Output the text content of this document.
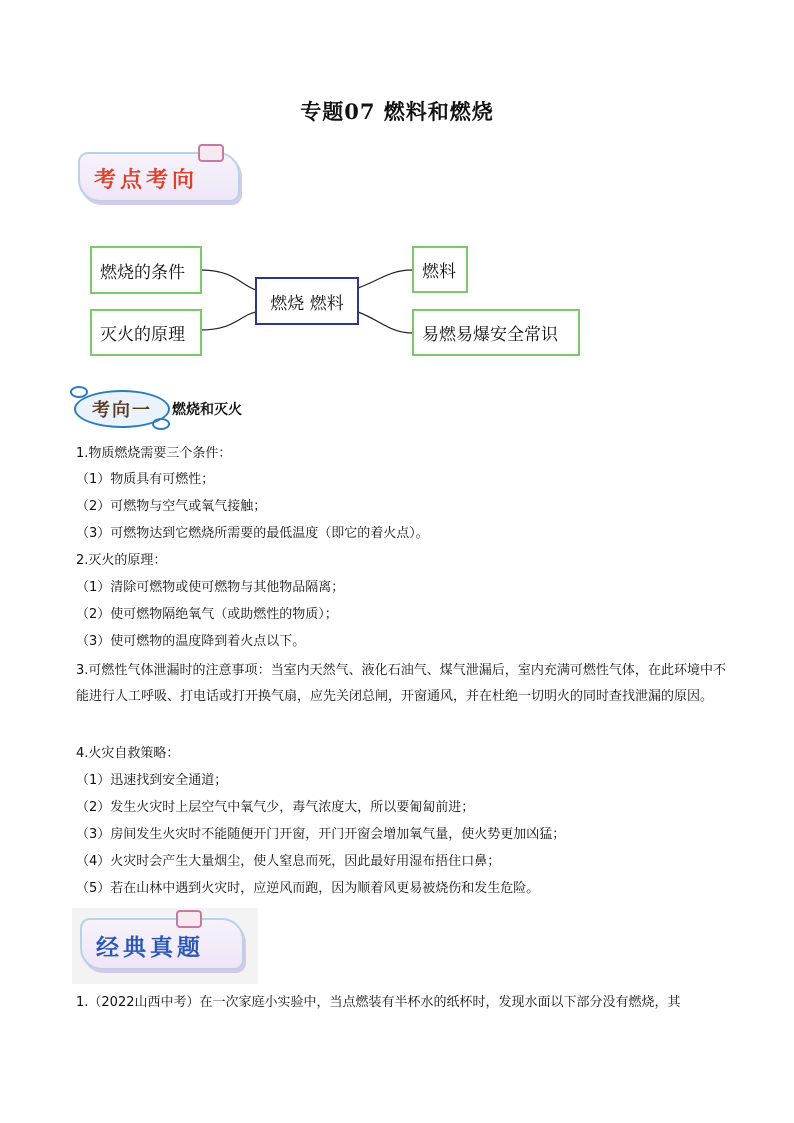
专题07 燃料和燃烧
考点考向
燃烧的条件
灭火的原理
燃烧 燃料
燃料
易燃易爆安全常识
考向一 燃烧和灭火
1.物质燃烧需要三个条件：
（1）物质具有可燃性；
（2）可燃物与空气或氧气接触；
（3）可燃物达到它燃烧所需要的最低温度（即它的着火点）。
2.灭火的原理：
（1）清除可燃物或使可燃物与其他物品隔离；
（2）使可燃物隔绝氧气（或助燃性的物质）；
（3）使可燃物的温度降到着火点以下。
3.可燃性气体泄漏时的注意事项：当室内天然气、液化石油气、煤气泄漏后，室内充满可燃性气体，在此环境中不能进行人工呼吸、打电话或打开换气扇，应先关闭总闸，开窗通风，并在杜绝一切明火的同时查找泄漏的原因。
4.火灾自救策略：
（1）迅速找到安全通道；
（2）发生火灾时上层空气中氧气少，毒气浓度大，所以要匍匐前进；
（3）房间发生火灾时不能随便开门开窗，开门开窗会增加氧气量，使火势更加凶猛；
（4）火灾时会产生大量烟尘，使人窒息而死，因此最好用湿布捂住口鼻；
（5）若在山林中遇到火灾时，应逆风而跑，因为顺着风更易被烧伤和发生危险。
经典真题
1.（2022山西中考）在一次家庭小实验中，当点燃装有半杯水的纸杯时，发现水面以下部分没有燃烧，其
